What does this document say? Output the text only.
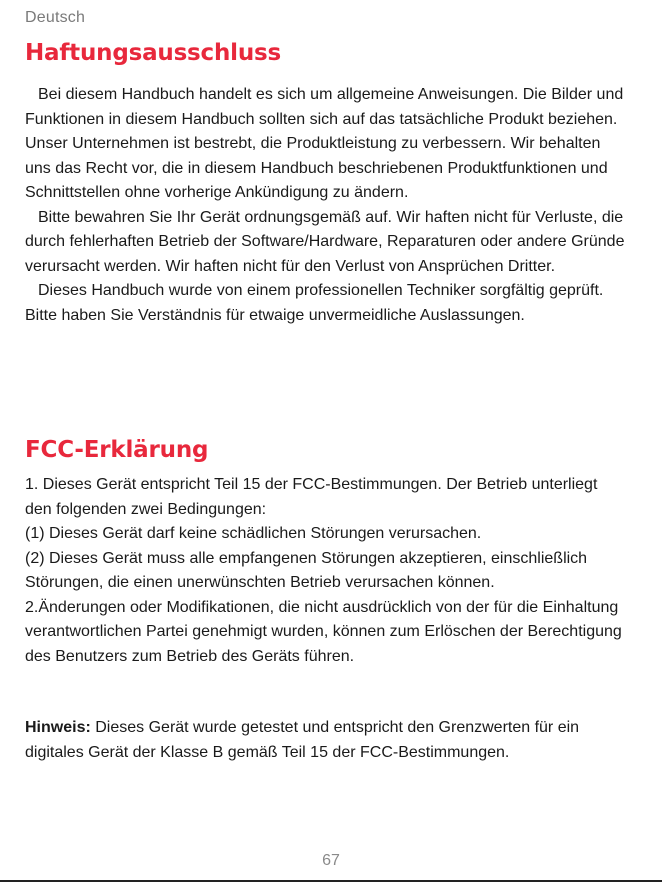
Deutsch
Haftungsausschluss

Bei diesem Handbuch handelt es sich um allgemeine Anweisungen. Die Bilder und Funktionen in diesem Handbuch sollten sich auf das tatsächliche Produkt beziehen. Unser Unternehmen ist bestrebt, die Produktleistung zu verbessern. Wir behalten uns das Recht vor, die in diesem Handbuch beschriebenen Produktfunktionen und Schnittstellen ohne vorherige Ankündigung zu ändern.

Bitte bewahren Sie Ihr Gerät ordnungsgemäß auf. Wir haften nicht für Verluste, die durch fehlerhaften Betrieb der Software/Hardware, Reparaturen oder andere Gründe verursacht werden. Wir haften nicht für den Verlust von Ansprüchen Dritter.

Dieses Handbuch wurde von einem professionellen Techniker sorgfältig geprüft. Bitte haben Sie Verständnis für etwaige unvermeidliche Auslassungen.

FCC-Erklärung

1. Dieses Gerät entspricht Teil 15 der FCC-Bestimmungen. Der Betrieb unterliegt den folgenden zwei Bedingungen:

(1) Dieses Gerät darf keine schädlichen Störungen verursachen.

(2) Dieses Gerät muss alle empfangenen Störungen akzeptieren, einschließlich Störungen, die einen unerwünschten Betrieb verursachen können.

2.Änderungen oder Modifikationen, die nicht ausdrücklich von der für die Einhaltung verantwortlichen Partei genehmigt wurden, können zum Erlöschen der Berechtigung des Benutzers zum Betrieb des Geräts führen.

Hinweis: Dieses Gerät wurde getestet und entspricht den Grenzwerten für ein digitales Gerät der Klasse B gemäß Teil 15 der FCC-Bestimmungen.

67
